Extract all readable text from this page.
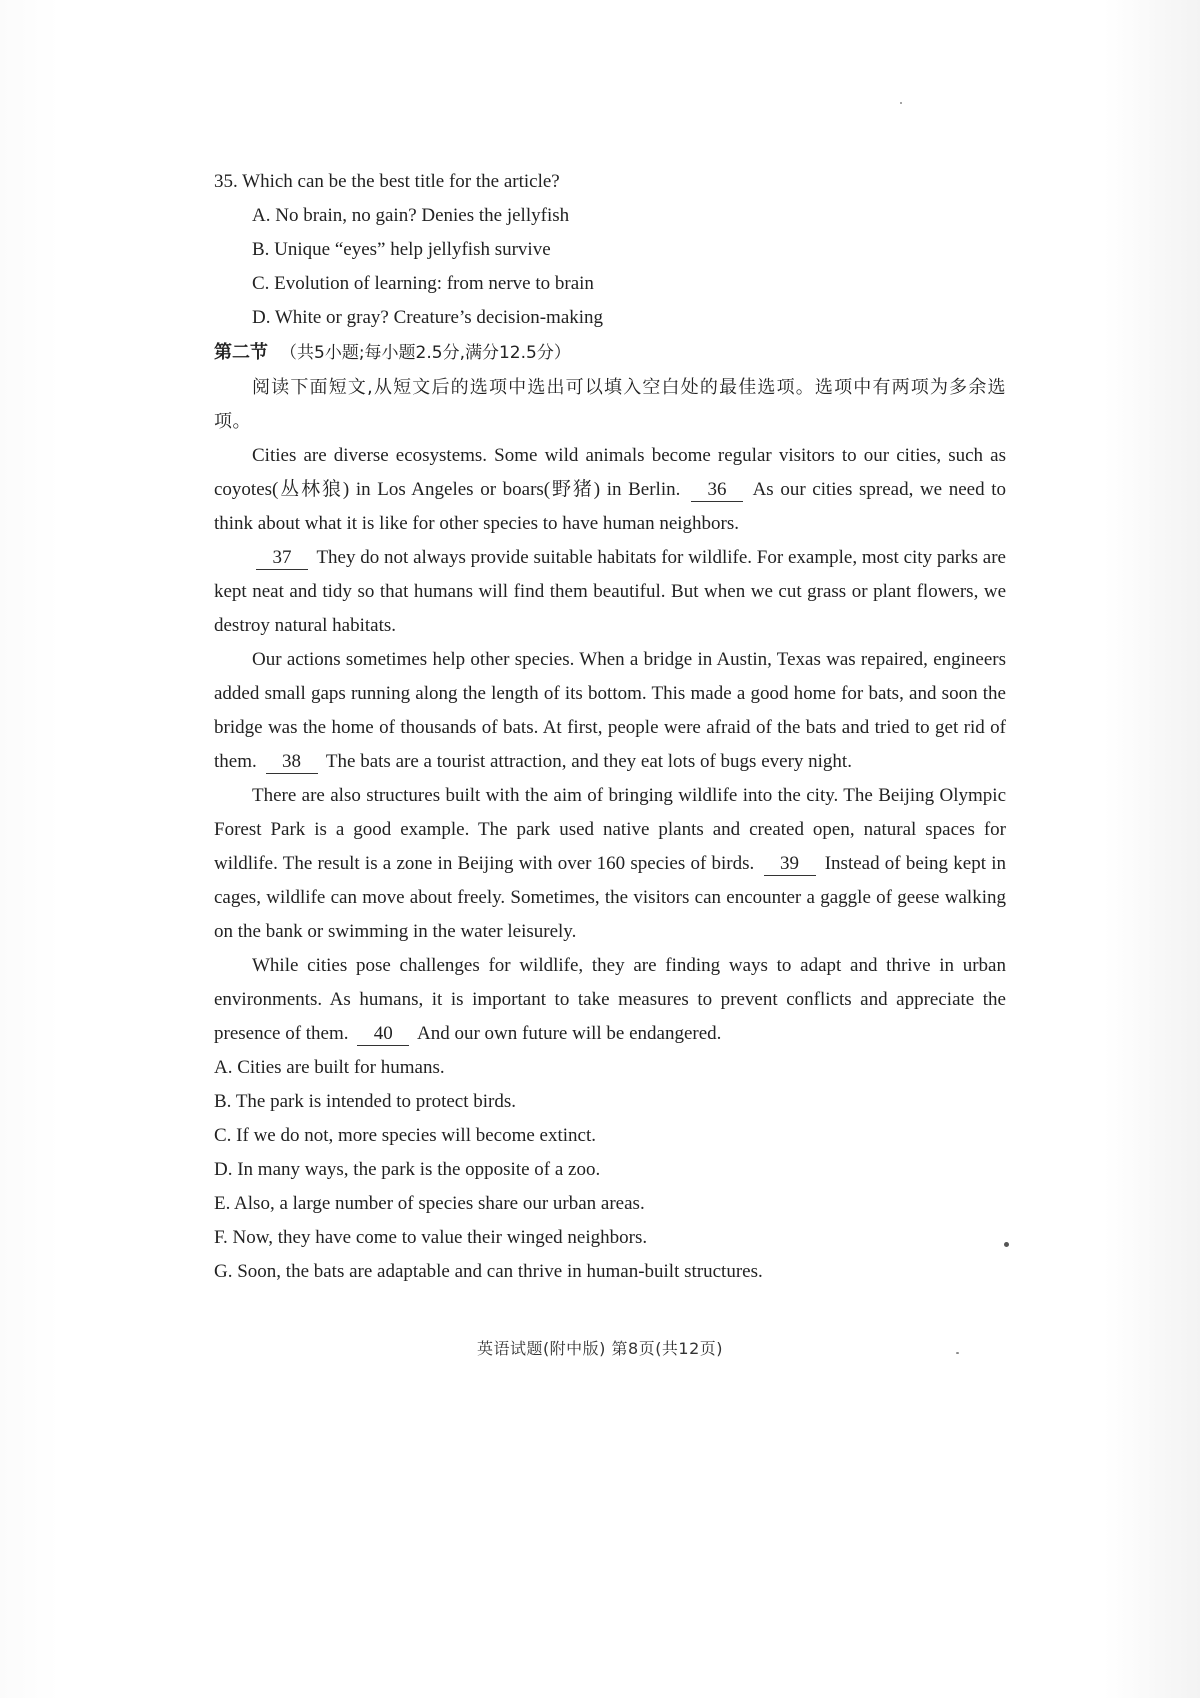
35. Which can be the best title for the article?
A. No brain, no gain? Denies the jellyfish
B. Unique “eyes” help jellyfish survive
C. Evolution of learning: from nerve to brain
D. White or gray? Creature’s decision-making
第二节 （共5小题;每小题2.5分,满分12.5分）
阅读下面短文,从短文后的选项中选出可以填入空白处的最佳选项。选项中有两项为多余选项。

Cities are diverse ecosystems. Some wild animals become regular visitors to our cities, such as coyotes(丛林狼) in Los Angeles or boars(野猪) in Berlin. 36 As our cities spread, we need to think about what it is like for other species to have human neighbors.

37 They do not always provide suitable habitats for wildlife. For example, most city parks are kept neat and tidy so that humans will find them beautiful. But when we cut grass or plant flowers, we destroy natural habitats.

Our actions sometimes help other species. When a bridge in Austin, Texas was repaired, engineers added small gaps running along the length of its bottom. This made a good home for bats, and soon the bridge was the home of thousands of bats. At first, people were afraid of the bats and tried to get rid of them. 38 The bats are a tourist attraction, and they eat lots of bugs every night.

There are also structures built with the aim of bringing wildlife into the city. The Beijing Olympic Forest Park is a good example. The park used native plants and created open, natural spaces for wildlife. The result is a zone in Beijing with over 160 species of birds. 39 Instead of being kept in cages, wildlife can move about freely. Sometimes, the visitors can encounter a gaggle of geese walking on the bank or swimming in the water leisurely.

While cities pose challenges for wildlife, they are finding ways to adapt and thrive in urban environments. As humans, it is important to take measures to prevent conflicts and appreciate the presence of them. 40 And our own future will be endangered.

A. Cities are built for humans.
B. The park is intended to protect birds.
C. If we do not, more species will become extinct.
D. In many ways, the park is the opposite of a zoo.
E. Also, a large number of species share our urban areas.
F. Now, they have come to value their winged neighbors.
G. Soon, the bats are adaptable and can thrive in human-built structures.
英语试题(附中版) 第8页(共12页)
